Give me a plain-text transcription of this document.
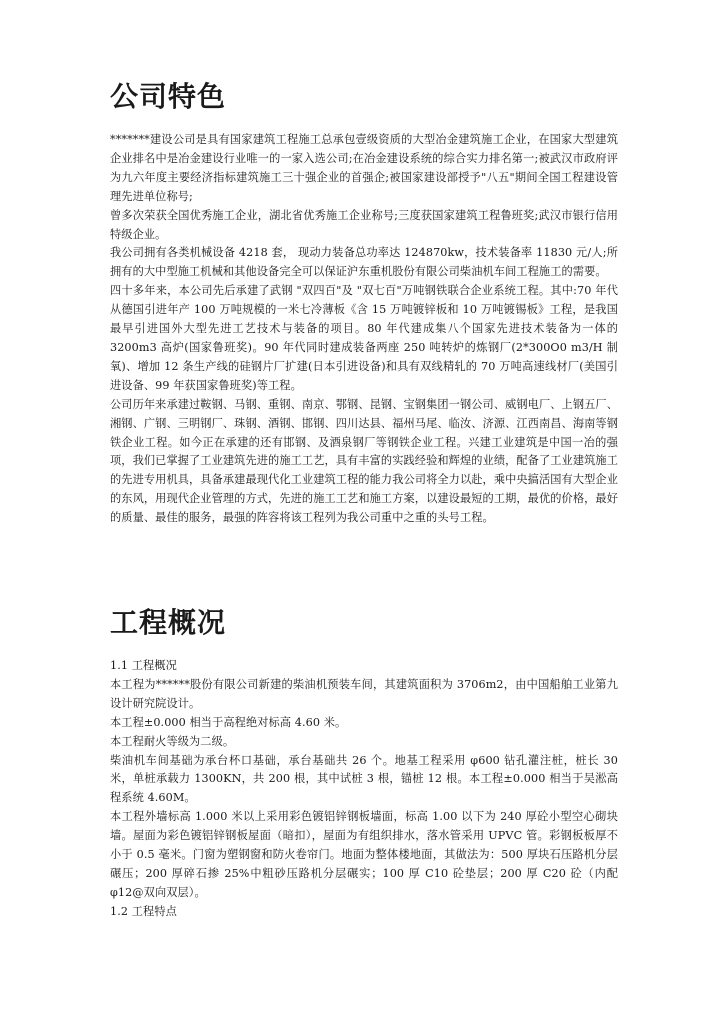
公司特色

*******建设公司是具有国家建筑工程施工总承包壹级资质的大型冶金建筑施工企业，在国家大型建筑企业排名中是冶金建设行业唯一的一家入选公司;在冶金建设系统的综合实力排名第一;被武汉市政府评为九六年度主要经济指标建筑施工三十强企业的首强企;被国家建设部授予"八五"期间全国工程建设管理先进单位称号;

曾多次荣获全国优秀施工企业，湖北省优秀施工企业称号;三度获国家建筑工程鲁班奖;武汉市银行信用特级企业。

我公司拥有各类机械设备 4218 套， 现动力装备总功率达 124870kw，技术装备率 11830 元/人;所拥有的大中型施工机械和其他设备完全可以保证沪东重机股份有限公司柴油机车间工程施工的需要。

四十多年来，本公司先后承建了武钢 "双四百"及 "双七百"万吨钢铁联合企业系统工程。其中:70 年代从德国引进年产 100 万吨规模的一米七冷薄板《含 15 万吨镀锌板和 10 万吨镀锡板》工程，是我国最早引进国外大型先进工艺技术与装备的项目。80 年代建成集八个国家先进技术装备为一体的 3200m3 高炉(国家鲁班奖)。90 年代同时建成装备两座 250 吨转炉的炼钢厂(2*300O0 m3/H 制氧)、增加 12 条生产线的硅钢片厂扩建(日本引进设备)和具有双线精轧的 70 万吨高速线材厂(美国引进设备、99 年获国家鲁班奖)等工程。

公司历年来承建过鞍钢、马钢、重钢、南京、鄂钢、昆钢、宝钢集团一钢公司、威钢电厂、上钢五厂、湘钢、广钢、三明钢厂、珠钢、酒钢、邯钢、四川达县、福州马尾、临汝、济源、江西南昌、海南等钢铁企业工程。如今正在承建的还有邯钢、及酒泉钢厂等钢铁企业工程。兴建工业建筑是中国一冶的强项，我们已掌握了工业建筑先进的施工工艺，具有丰富的实践经验和辉煌的业绩，配备了工业建筑施工的先进专用机具，具备承建最现代化工业建筑工程的能力我公司将全力以赴，乘中央搞活国有大型企业的东风，用现代企业管理的方式，先进的施工工艺和施工方案，以建设最短的工期，最优的价格，最好的质量、最佳的服务，最强的阵容将该工程列为我公司重中之重的头号工程。

工程概况

1.1 工程概况

本工程为******股份有限公司新建的柴油机预装车间，其建筑面积为 3706m2，由中国船舶工业第九设计研究院设计。

本工程±0.000 相当于高程绝对标高 4.60 米。

本工程耐火等级为二级。

柴油机车间基础为承台杯口基础，承台基础共 26 个。地基工程采用 φ600 钻孔灌注桩，桩长 30 米，单桩承载力 1300KN，共 200 根，其中试桩 3 根，锚桩 12 根。本工程±0.000 相当于吴淞高程系统 4.60M。

本工程外墙标高 1.000 米以上采用彩色镀铝锌钢板墙面，标高 1.00 以下为 240 厚砼小型空心砌块墙。屋面为彩色镀铝锌钢板屋面（暗扣），屋面为有组织排水，落水管采用 UPVC 管。彩钢板板厚不小于 0.5 毫米。门窗为塑钢窗和防火卷帘门。地面为整体楼地面，其做法为：500 厚块石压路机分层碾压；200 厚碎石掺 25%中粗砂压路机分层碾实；100 厚 C10 砼垫层；200 厚 C20 砼（内配 φ12@双向双层）。

1.2 工程特点
